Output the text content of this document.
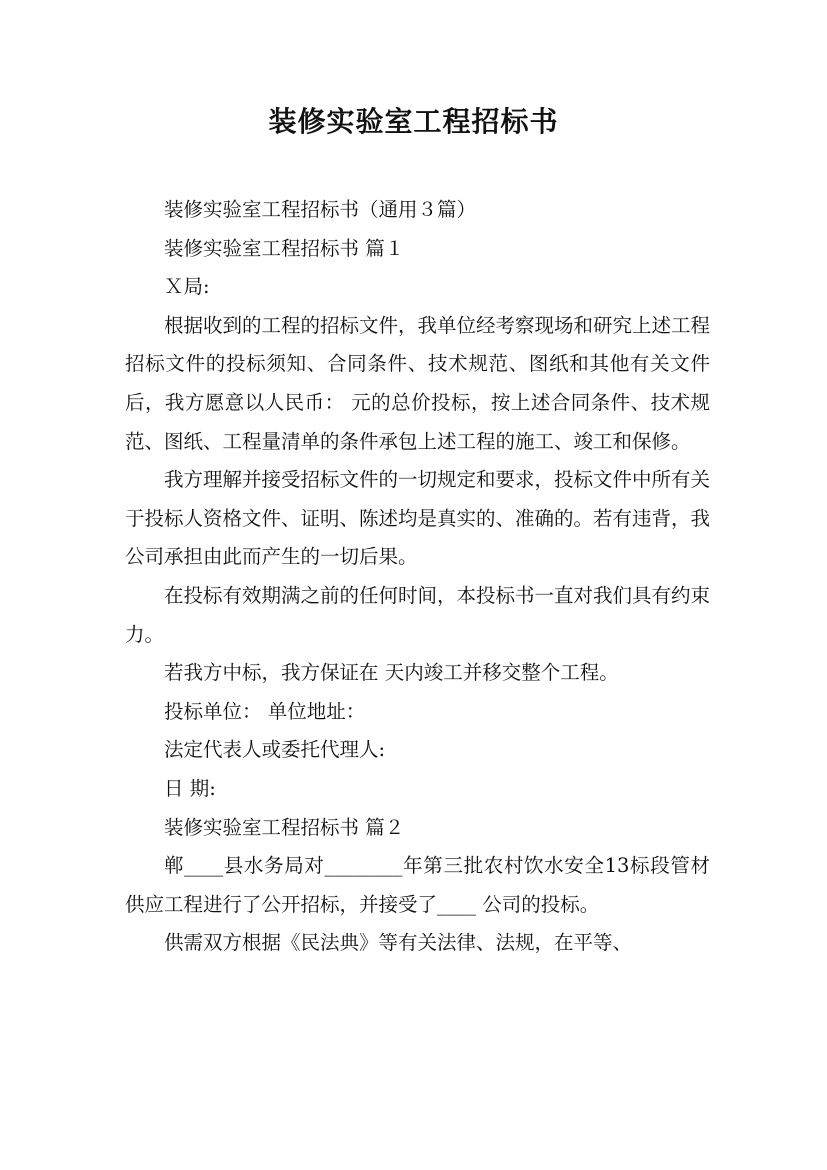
装修实验室工程招标书

装修实验室工程招标书（通用３篇）

装修实验室工程招标书 篇１

Ｘ局:

根据收到的工程的招标文件，我单位经考察现场和研究上述工程招标文件的投标须知、合同条件、技术规范、图纸和其他有关文件后，我方愿意以人民币： 元的总价投标，按上述合同条件、技术规范、图纸、工程量清单的条件承包上述工程的施工、竣工和保修。

我方理解并接受招标文件的一切规定和要求，投标文件中所有关于投标人资格文件、证明、陈述均是真实的、准确的。若有违背，我公司承担由此而产生的一切后果。

在投标有效期满之前的任何时间，本投标书一直对我们具有约束力。

若我方中标，我方保证在 天内竣工并移交整个工程。

投标单位： 单位地址：

法定代表人或委托代理人:

日 期:

装修实验室工程招标书 篇２

郸____县水务局对________年第三批农村饮水安全13标段管材供应工程进行了公开招标，并接受了____ 公司的投标。

供需双方根据《民法典》等有关法律、法规，在平等、
